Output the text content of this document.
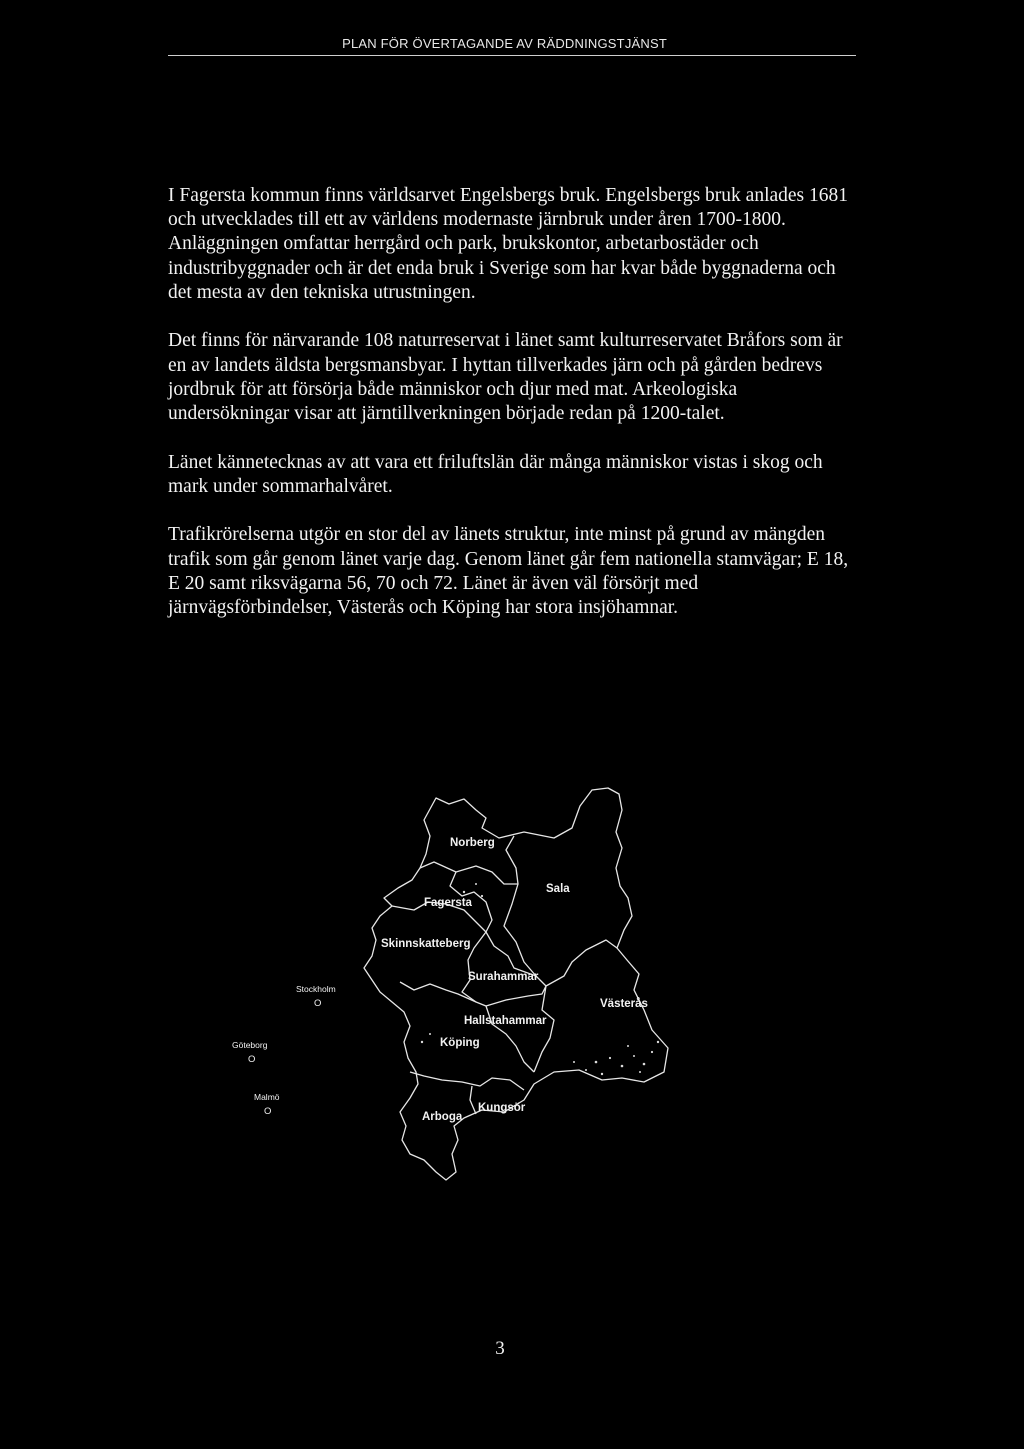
PLAN FÖR ÖVERTAGANDE AV RÄDDNINGSTJÄNST

I Fagersta kommun finns världsarvet Engelsbergs bruk. Engelsbergs bruk anlades 1681 och utvecklades till ett av världens modernaste järnbruk under åren 1700-1800. Anläggningen omfattar herrgård och park, brukskontor, arbetarbostäder och industribyggnader och är det enda bruk i Sverige som har kvar både byggnaderna och det mesta av den tekniska utrustningen.

Det finns för närvarande 108 naturreservat i länet samt kulturreservatet Bråfors som är en av landets äldsta bergsmansbyar. I hyttan tillverkades järn och på gården bedrevs jordbruk för att försörja både människor och djur med mat. Arkeologiska undersökningar visar att järntillverkningen började redan på 1200-talet.

Länet kännetecknas av att vara ett friluftslän där många människor vistas i skog och mark under sommarhalvåret.

Trafikrörelserna utgör en stor del av länets struktur, inte minst på grund av mängden trafik som går genom länet varje dag. Genom länet går fem nationella stamvägar; E 18, E 20 samt riksvägarna 56, 70 och 72. Länet är även väl försörjt med järnvägsförbindelser, Västerås och Köping har stora insjöhamnar.

Norberg
Sala
Fagersta
Skinnskatteberg
Surahammar
Västerås
Hallstahammar
Köping
Kungsör
Arboga
Stockholm
O
Göteborg
O
Malmö
O
3
